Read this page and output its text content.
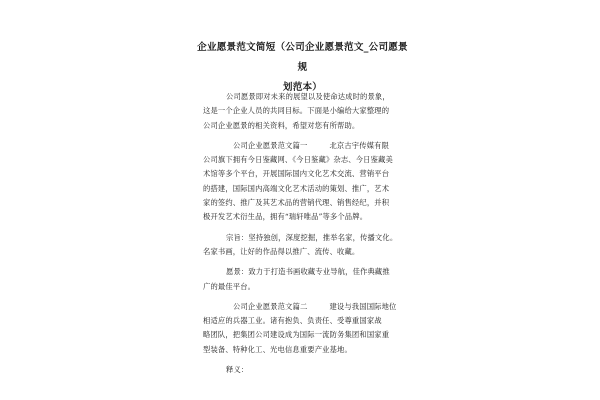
企业愿景范文简短（公司企业愿景范文_公司愿景规
划范本）

公司愿景即对未来的展望以及使命达成时的景象，
这是一个企业人员的共同目标。下面是小编给大家整理的
公司企业愿景的相关资料，希望对您有所帮助。

公司企业愿景范文篇一	北京古宇传媒有限
公司旗下拥有今日鉴藏网、《今日鉴藏》杂志、今日鉴藏美
术馆等多个平台，开展国际国内文化艺术交流、营销平台
的搭建，国际国内高端文化艺术活动的策划、推广，艺术
家的签约、推广及其艺术品的营销代理、销售经纪，并积
极开发艺术衍生品，拥有“瑞轩唯品”等多个品牌。

宗旨：坚持独创，深度挖掘，推举名家，传播文化。
名家书画，让好的作品得以推广、流传、收藏。

愿景：致力于打造书画收藏专业导航，佳作典藏推
广的最佳平台。

公司企业愿景范文篇二	建设与我国国际地位
相适应的兵器工业。诸有抱负、负责任、受尊重国家战
略团队，把集团公司建设成为国际一流防务集团和国家重
型装备、特种化工、光电信息重要产业基地。

释义：
